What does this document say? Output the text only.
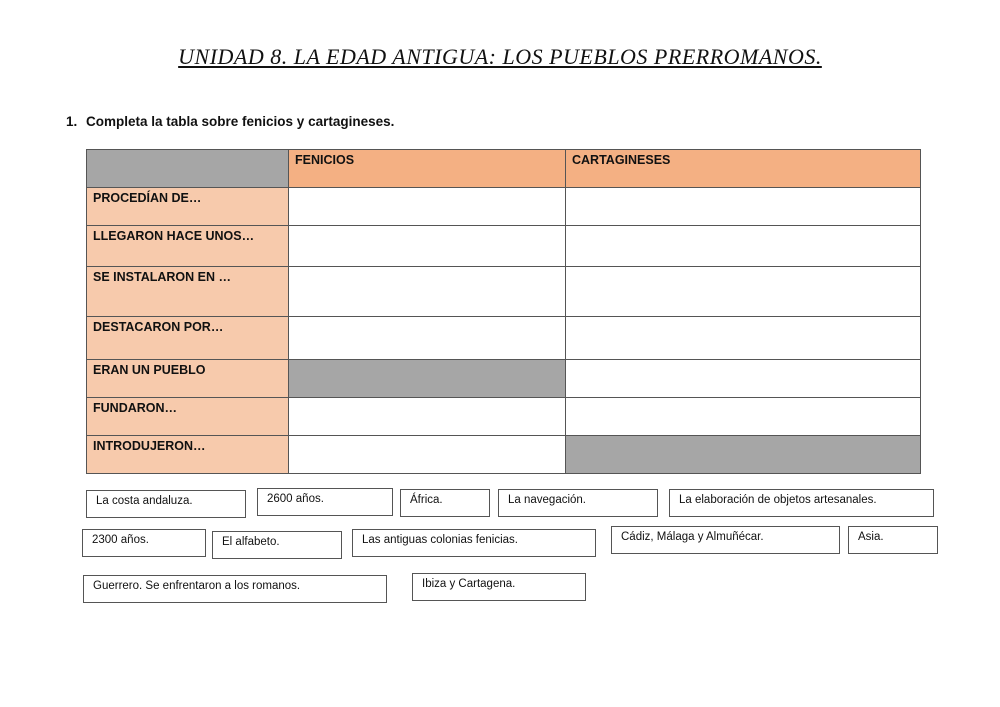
UNIDAD 8. LA EDAD ANTIGUA: LOS PUEBLOS PRERROMANOS.
1. Completa la tabla sobre fenicios y cartagineses.
	FENICIOS	CARTAGINESES
PROCEDÍAN DE…		
LLEGARON HACE UNOS…		
SE INSTALARON EN …		
DESTACARON POR…		
ERAN UN PUEBLO		
FUNDARON…		
INTRODUJERON…		
La costa andaluza.	2600 años.	África.	La navegación.	La elaboración de objetos artesanales.
2300 años.	El alfabeto.	Las antiguas colonias fenicias.	Cádiz, Málaga y Almuñécar.	Asia.
Guerrero. Se enfrentaron a los romanos.	Ibiza y Cartagena.
